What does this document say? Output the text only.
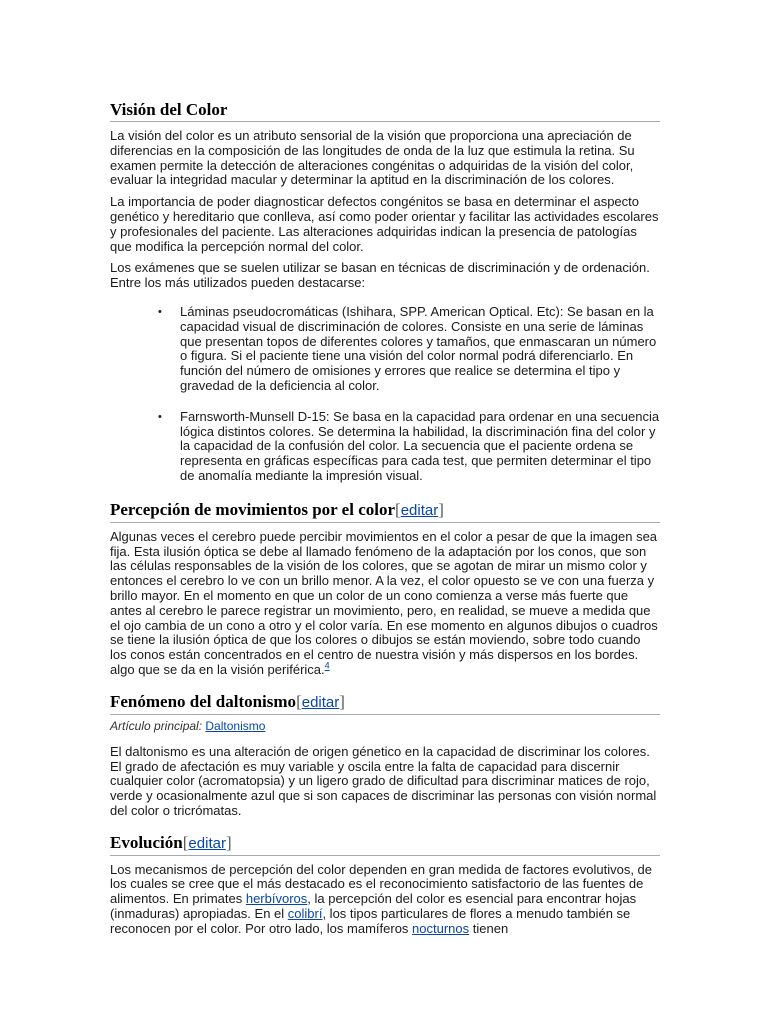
Visión del Color

La visión del color es un atributo sensorial de la visión que proporciona una apreciación de diferencias en la composición de las longitudes de onda de la luz que estimula la retina. Su examen permite la detección de alteraciones congénitas o adquiridas de la visión del color, evaluar la integridad macular y determinar la aptitud en la discriminación de los colores.

La importancia de poder diagnosticar defectos congénitos se basa en determinar el aspecto genético y hereditario que conlleva, así como poder orientar y facilitar las actividades escolares y profesionales del paciente. Las alteraciones adquiridas indican la presencia de patologías que modifica la percepción normal del color.

Los exámenes que se suelen utilizar se basan en técnicas de discriminación y de ordenación. Entre los más utilizados pueden destacarse:

• Láminas pseudocromáticas (Ishihara, SPP. American Optical. Etc): Se basan en la capacidad visual de discriminación de colores. Consiste en una serie de láminas que presentan topos de diferentes colores y tamaños, que enmascaran un número o figura. Si el paciente tiene una visión del color normal podrá diferenciarlo. En función del número de omisiones y errores que realice se determina el tipo y gravedad de la deficiencia al color.
• Farnsworth-Munsell D-15: Se basa en la capacidad para ordenar en una secuencia lógica distintos colores. Se determina la habilidad, la discriminación fina del color y la capacidad de la confusión del color. La secuencia que el paciente ordena se representa en gráficas específicas para cada test, que permiten determinar el tipo de anomalía mediante la impresión visual.
Percepción de movimientos por el color[editar]

Algunas veces el cerebro puede percibir movimientos en el color a pesar de que la imagen sea fija. Esta ilusión óptica se debe al llamado fenómeno de la adaptación por los conos, que son las células responsables de la visión de los colores, que se agotan de mirar un mismo color y entonces el cerebro lo ve con un brillo menor. A la vez, el color opuesto se ve con una fuerza y brillo mayor. En el momento en que un color de un cono comienza a verse más fuerte que antes al cerebro le parece registrar un movimiento, pero, en realidad, se mueve a medida que el ojo cambia de un cono a otro y el color varía. En ese momento en algunos dibujos o cuadros se tiene la ilusión óptica de que los colores o dibujos se están moviendo, sobre todo cuando los conos están concentrados en el centro de nuestra visión y más dispersos en los bordes. algo que se da en la visión periférica.$^4$

Fenómeno del daltonismo[editar]
Artículo principal: Daltonismo

El daltonismo es una alteración de origen génetico en la capacidad de discriminar los colores. El grado de afectación es muy variable y oscila entre la falta de capacidad para discernir cualquier color (acromatopsia) y un ligero grado de dificultad para discriminar matices de rojo, verde y ocasionalmente azul que si son capaces de discriminar las personas con visión normal del color o tricrómatas.

Evolución[editar]

Los mecanismos de percepción del color dependen en gran medida de factores evolutivos, de los cuales se cree que el más destacado es el reconocimiento satisfactorio de las fuentes de alimentos. En primates herbívoros, la percepción del color es esencial para encontrar hojas (inmaduras) apropiadas. En el colibrí, los tipos particulares de flores a menudo también se reconocen por el color. Por otro lado, los mamíferos nocturnos tienen
